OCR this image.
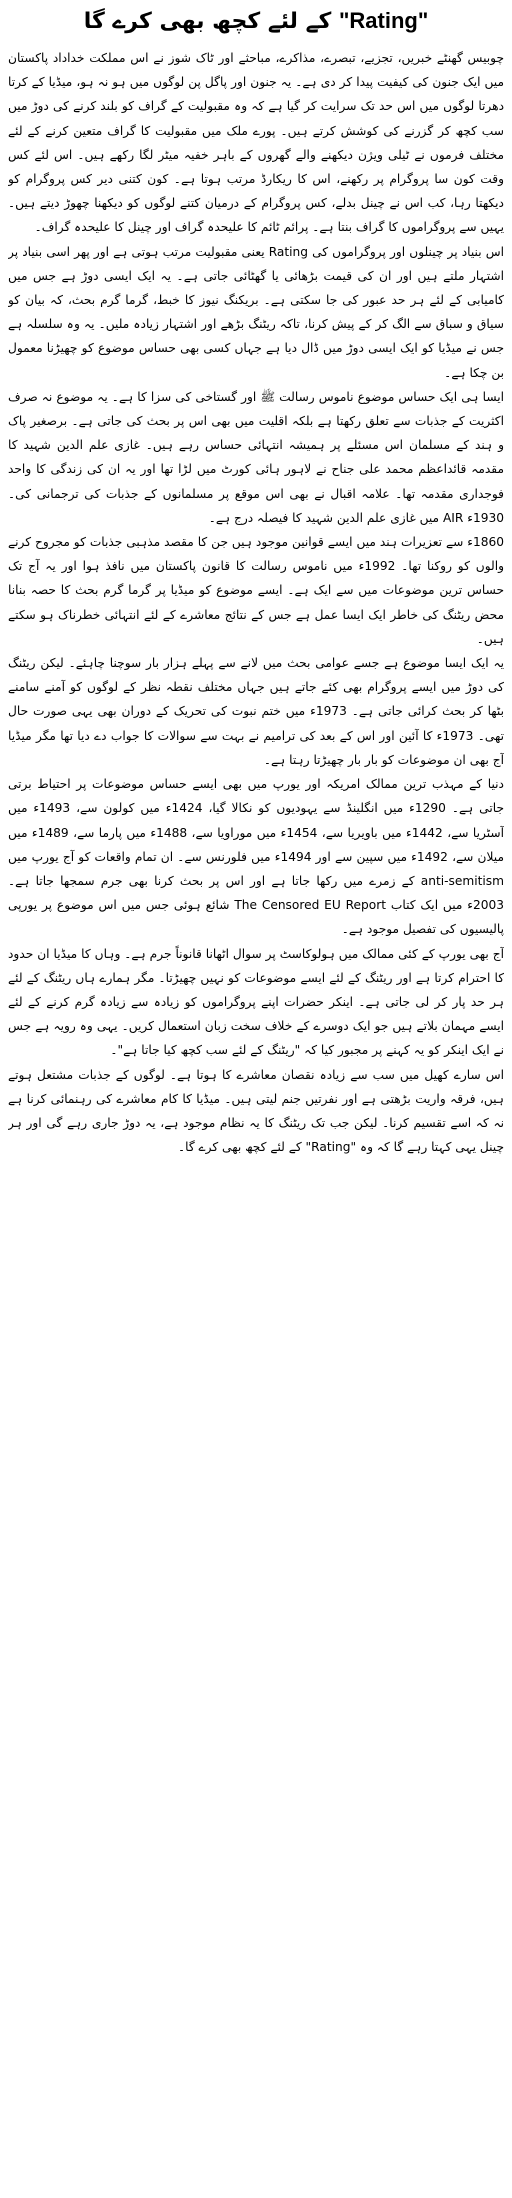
"Rating" کے لئے کچھ بھی کرے گا

چوبیس گھنٹے خبریں، تجزیے، تبصرے، مذاکرے، مباحثے اور ٹاک شوز نے اس مملکت خداداد پاکستان میں ایک جنون کی کیفیت پیدا کر دی ہے۔ یہ جنون اور پاگل پن لوگوں میں ہو نہ ہو، میڈیا کے کرتا دھرتا لوگوں میں اس حد تک سرایت کر گیا ہے کہ وہ مقبولیت کے گراف کو بلند کرنے کی دوڑ میں سب کچھ کر گزرنے کی کوشش کرتے ہیں۔ پورے ملک میں مقبولیت کا گراف متعین کرنے کے لئے مختلف فرموں نے ٹیلی ویژن دیکھنے والے گھروں کے باہر خفیہ میٹر لگا رکھے ہیں۔ اس لئے کس وقت کون سا پروگرام پر رکھنے، اس کا ریکارڈ مرتب ہوتا ہے۔ کون کتنی دیر کس پروگرام کو دیکھتا رہا، کب اس نے چینل بدلے، کس پروگرام کے درمیان کتنے لوگوں کو دیکھنا چھوڑ دیتے ہیں۔ یہیں سے پروگراموں کا گراف بنتا ہے۔ پرائم ٹائم کا علیحدہ گراف اور چینل کا علیحدہ گراف۔

اس بنیاد پر چینلوں اور پروگراموں کی Rating یعنی مقبولیت مرتب ہوتی ہے اور پھر اسی بنیاد پر اشتہار ملتے ہیں اور ان کی قیمت بڑھائی یا گھٹائی جاتی ہے۔ یہ ایک ایسی دوڑ ہے جس میں کامیابی کے لئے ہر حد عبور کی جا سکتی ہے۔ بریکنگ نیوز کا خبط، گرما گرم بحث، کہ بیان کو سیاق و سباق سے الگ کر کے پیش کرنا، تاکہ ریٹنگ بڑھے اور اشتہار زیادہ ملیں۔ یہ وہ سلسلہ ہے جس نے میڈیا کو ایک ایسی دوڑ میں ڈال دیا ہے جہاں کسی بھی حساس موضوع کو چھیڑنا معمول بن چکا ہے۔

ایسا ہی ایک حساس موضوع ناموس رسالت ﷺ اور گستاخی کی سزا کا ہے۔ یہ موضوع نہ صرف اکثریت کے جذبات سے تعلق رکھتا ہے بلکہ اقلیت میں بھی اس پر بحث کی جاتی ہے۔ برصغیر پاک و ہند کے مسلمان اس مسئلے پر ہمیشہ انتہائی حساس رہے ہیں۔ غازی علم الدین شہید کا مقدمہ قائداعظم محمد علی جناح نے لاہور ہائی کورٹ میں لڑا تھا اور یہ ان کی زندگی کا واحد فوجداری مقدمہ تھا۔ علامہ اقبال نے بھی اس موقع پر مسلمانوں کے جذبات کی ترجمانی کی۔ 1930ء AIR میں غازی علم الدین شہید کا فیصلہ درج ہے۔

1860ء سے تعزیرات ہند میں ایسے قوانین موجود ہیں جن کا مقصد مذہبی جذبات کو مجروح کرنے والوں کو روکنا تھا۔ 1992ء میں ناموس رسالت کا قانون پاکستان میں نافذ ہوا اور یہ آج تک حساس ترین موضوعات میں سے ایک ہے۔ ایسے موضوع کو میڈیا پر گرما گرم بحث کا حصہ بنانا محض ریٹنگ کی خاطر ایک ایسا عمل ہے جس کے نتائج معاشرے کے لئے انتہائی خطرناک ہو سکتے ہیں۔

یہ ایک ایسا موضوع ہے جسے عوامی بحث میں لانے سے پہلے ہزار بار سوچنا چاہئے۔ لیکن ریٹنگ کی دوڑ میں ایسے پروگرام بھی کئے جاتے ہیں جہاں مختلف نقطہ نظر کے لوگوں کو آمنے سامنے بٹھا کر بحث کرائی جاتی ہے۔ 1973ء میں ختم نبوت کی تحریک کے دوران بھی یہی صورت حال تھی۔ 1973ء کا آئین اور اس کے بعد کی ترامیم نے بہت سے سوالات کا جواب دے دیا تھا مگر میڈیا آج بھی ان موضوعات کو بار بار چھیڑتا رہتا ہے۔

دنیا کے مہذب ترین ممالک امریکہ اور یورپ میں بھی ایسے حساس موضوعات پر احتیاط برتی جاتی ہے۔ 1290ء میں انگلینڈ سے یہودیوں کو نکالا گیا، 1424ء میں کولون سے، 1493ء میں آسٹریا سے، 1442ء میں باویریا سے، 1454ء میں موراویا سے، 1488ء میں پارما سے، 1489ء میں میلان سے، 1492ء میں سپین سے اور 1494ء میں فلورنس سے۔ ان تمام واقعات کو آج یورپ میں anti-semitism کے زمرے میں رکھا جاتا ہے اور اس پر بحث کرنا بھی جرم سمجھا جاتا ہے۔ 2003ء میں ایک کتاب The Censored EU Report شائع ہوئی جس میں اس موضوع پر یورپی پالیسیوں کی تفصیل موجود ہے۔

آج بھی یورپ کے کئی ممالک میں ہولوکاسٹ پر سوال اٹھانا قانوناً جرم ہے۔ وہاں کا میڈیا ان حدود کا احترام کرتا ہے اور ریٹنگ کے لئے ایسے موضوعات کو نہیں چھیڑتا۔ مگر ہمارے ہاں ریٹنگ کے لئے ہر حد پار کر لی جاتی ہے۔ اینکر حضرات اپنے پروگراموں کو زیادہ سے زیادہ گرم کرنے کے لئے ایسے مہمان بلاتے ہیں جو ایک دوسرے کے خلاف سخت زبان استعمال کریں۔ یہی وہ رویہ ہے جس نے ایک اینکر کو یہ کہنے پر مجبور کیا کہ "ریٹنگ کے لئے سب کچھ کیا جاتا ہے"۔

اس سارے کھیل میں سب سے زیادہ نقصان معاشرے کا ہوتا ہے۔ لوگوں کے جذبات مشتعل ہوتے ہیں، فرقہ واریت بڑھتی ہے اور نفرتیں جنم لیتی ہیں۔ میڈیا کا کام معاشرے کی رہنمائی کرنا ہے نہ کہ اسے تقسیم کرنا۔ لیکن جب تک ریٹنگ کا یہ نظام موجود ہے، یہ دوڑ جاری رہے گی اور ہر چینل یہی کہتا رہے گا کہ وہ "Rating" کے لئے کچھ بھی کرے گا۔
